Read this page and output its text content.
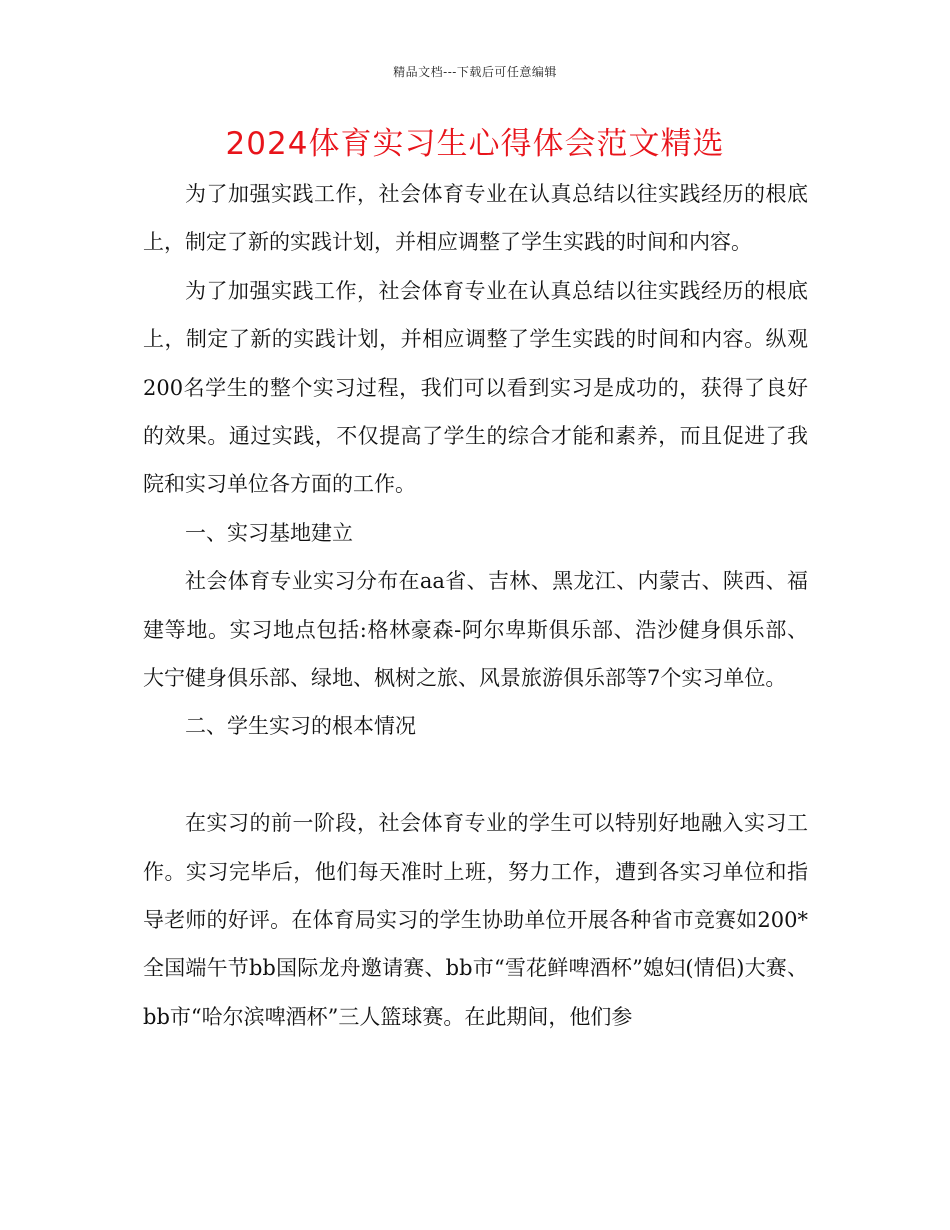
精品文档---下载后可任意编辑
2024体育实习生心得体会范文精选

为了加强实践工作，社会体育专业在认真总结以往实践经历的根底上，制定了新的实践计划，并相应调整了学生实践的时间和内容。

为了加强实践工作，社会体育专业在认真总结以往实践经历的根底上，制定了新的实践计划，并相应调整了学生实践的时间和内容。纵观200名学生的整个实习过程，我们可以看到实习是成功的，获得了良好的效果。通过实践，不仅提高了学生的综合才能和素养，而且促进了我院和实习单位各方面的工作。

一、实习基地建立

社会体育专业实习分布在aa省、吉林、黑龙江、内蒙古、陕西、福建等地。实习地点包括:格林豪森-阿尔卑斯俱乐部、浩沙健身俱乐部、大宁健身俱乐部、绿地、枫树之旅、风景旅游俱乐部等7个实习单位。

二、学生实习的根本情况

在实习的前一阶段，社会体育专业的学生可以特别好地融入实习工作。实习完毕后，他们每天准时上班，努力工作，遭到各实习单位和指导老师的好评。在体育局实习的学生协助单位开展各种省市竞赛如200*全国端午节bb国际龙舟邀请赛、bb市“雪花鲜啤酒杯”媳妇(情侣)大赛、bb市“哈尔滨啤酒杯”三人篮球赛。在此期间，他们参
